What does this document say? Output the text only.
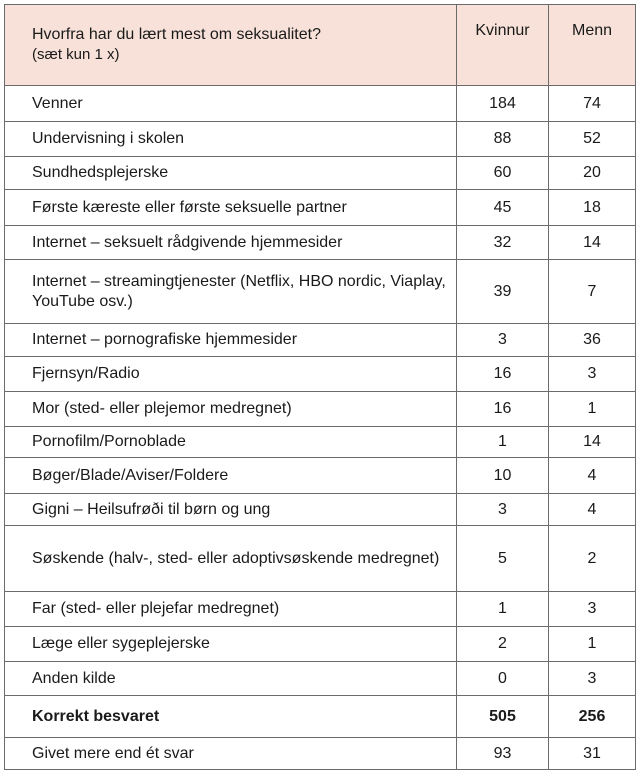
Hvorfra har du lært mest om seksualitet?
(sæt kun 1 x)	Kvinnur	Menn
Venner	184	74
Undervisning i skolen	88	52
Sundhedsplejerske	60	20
Første kæreste eller første seksuelle partner	45	18
Internet – seksuelt rådgivende hjemmesider	32	14
Internet – streamingtjenester (Netflix, HBO nordic, Viaplay, YouTube osv.)	39	7
Internet – pornografiske hjemmesider	3	36
Fjernsyn/Radio	16	3
Mor (sted- eller plejemor medregnet)	16	1
Pornofilm/Pornoblade	1	14
Bøger/Blade/Aviser/Foldere	10	4
Gigni – Heilsufrøði til børn og ung	3	4
Søskende (halv-, sted- eller adoptivsøskende medregnet)	5	2
Far (sted- eller plejefar medregnet)	1	3
Læge eller sygeplejerske	2	1
Anden kilde	0	3
Korrekt besvaret	505	256
Givet mere end ét svar	93	31
